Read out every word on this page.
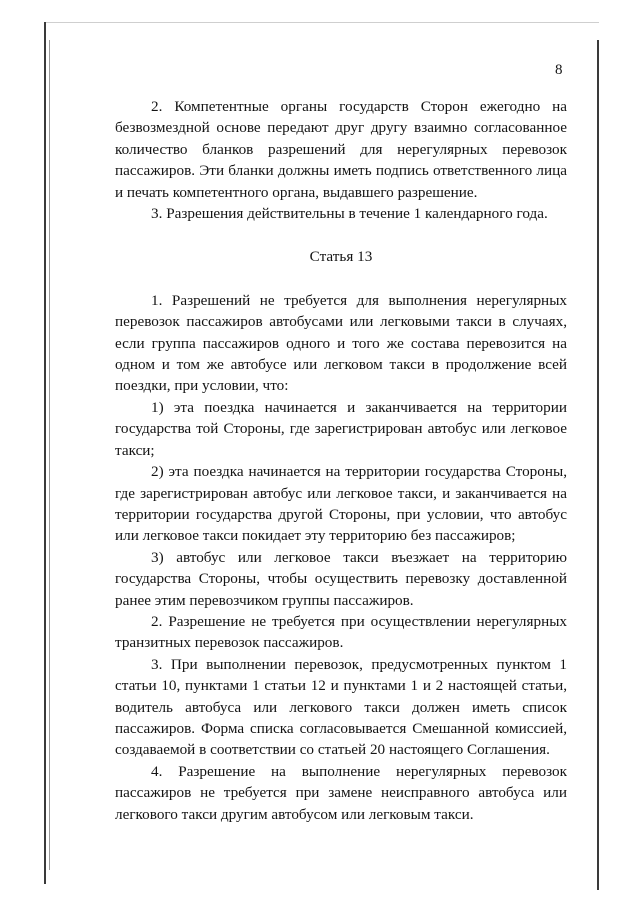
8

2. Компетентные органы государств Сторон ежегодно на безвозмездной основе передают друг другу взаимно согласованное количество бланков разрешений для нерегулярных перевозок пассажиров. Эти бланки должны иметь подпись ответственного лица и печать компетентного органа, выдавшего разрешение.

3. Разрешения действительны в течение 1 календарного года.

Статья 13

1. Разрешений не требуется для выполнения нерегулярных перевозок пассажиров автобусами или легковыми такси в случаях, если группа пассажиров одного и того же состава перевозится на одном и том же автобусе или легковом такси в продолжение всей поездки, при условии, что:

1) эта поездка начинается и заканчивается на территории государства той Стороны, где зарегистрирован автобус или легковое такси;

2) эта поездка начинается на территории государства Стороны, где зарегистрирован автобус или легковое такси, и заканчивается на территории государства другой Стороны, при условии, что автобус или легковое такси покидает эту территорию без пассажиров;

3) автобус или легковое такси въезжает на территорию государства Стороны, чтобы осуществить перевозку доставленной ранее этим перевозчиком группы пассажиров.

2. Разрешение не требуется при осуществлении нерегулярных транзитных перевозок пассажиров.

3. При выполнении перевозок, предусмотренных пунктом 1 статьи 10, пунктами 1 статьи 12 и пунктами 1 и 2 настоящей статьи, водитель автобуса или легкового такси должен иметь список пассажиров. Форма списка согласовывается Смешанной комиссией, создаваемой в соответствии со статьей 20 настоящего Соглашения.

4. Разрешение на выполнение нерегулярных перевозок пассажиров не требуется при замене неисправного автобуса или легкового такси другим автобусом или легковым такси.
